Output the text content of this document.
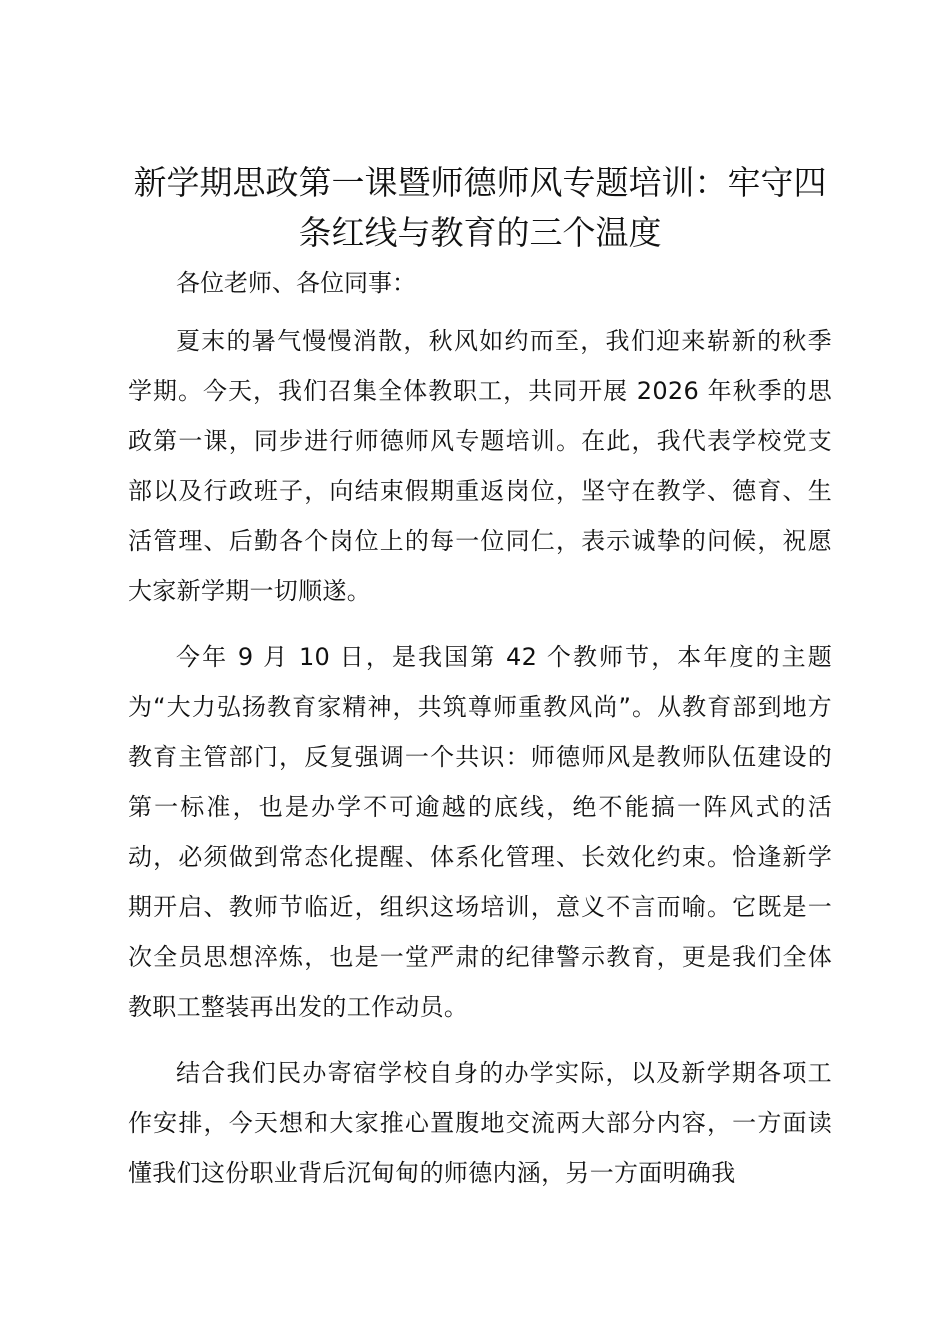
新学期思政第一课暨师德师风专题培训：牢守四条红线与教育的三个温度

各位老师、各位同事：

夏末的暑气慢慢消散，秋风如约而至，我们迎来崭新的秋季学期。今天，我们召集全体教职工，共同开展 2026 年秋季的思政第一课，同步进行师德师风专题培训。在此，我代表学校党支部以及行政班子，向结束假期重返岗位，坚守在教学、德育、生活管理、后勤各个岗位上的每一位同仁，表示诚挚的问候，祝愿大家新学期一切顺遂。

今年 9 月 10 日，是我国第 42 个教师节，本年度的主题为“大力弘扬教育家精神，共筑尊师重教风尚”。从教育部到地方教育主管部门，反复强调一个共识：师德师风是教师队伍建设的第一标准，也是办学不可逾越的底线，绝不能搞一阵风式的活动，必须做到常态化提醒、体系化管理、长效化约束。恰逢新学期开启、教师节临近，组织这场培训，意义不言而喻。它既是一次全员思想淬炼，也是一堂严肃的纪律警示教育，更是我们全体教职工整装再出发的工作动员。

结合我们民办寄宿学校自身的办学实际，以及新学期各项工作安排，今天想和大家推心置腹地交流两大部分内容，一方面读懂我们这份职业背后沉甸甸的师德内涵，另一方面明确我
